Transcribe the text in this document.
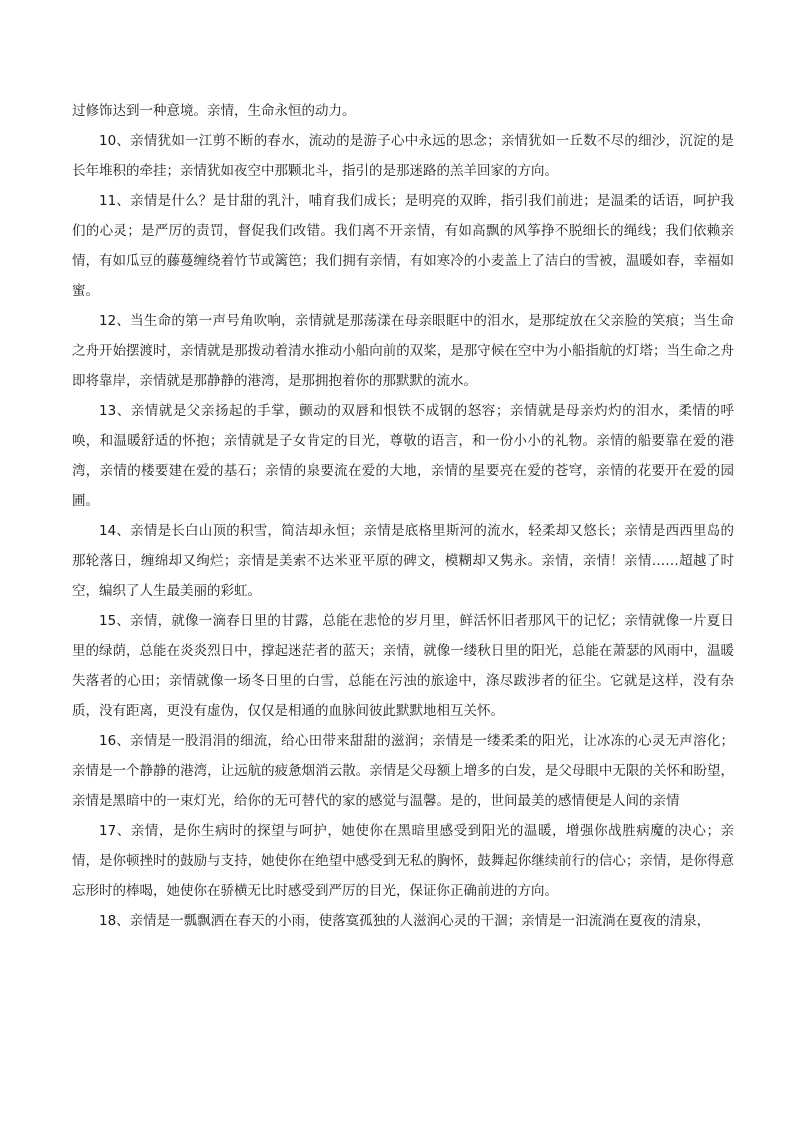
过修饰达到一种意境。亲情，生命永恒的动力。

10、亲情犹如一江剪不断的春水，流动的是游子心中永远的思念；亲情犹如一丘数不尽的细沙，沉淀的是长年堆积的牵挂；亲情犹如夜空中那颗北斗，指引的是那迷路的羔羊回家的方向。

11、亲情是什么？是甘甜的乳汁，哺育我们成长；是明亮的双眸，指引我们前进；是温柔的话语，呵护我们的心灵；是严厉的责罚，督促我们改错。我们离不开亲情，有如高飘的风筝挣不脱细长的绳线；我们依赖亲情，有如瓜豆的藤蔓缠绕着竹节或篱笆；我们拥有亲情，有如寒冷的小麦盖上了洁白的雪被，温暖如春，幸福如蜜。

12、当生命的第一声号角吹响，亲情就是那荡漾在母亲眼眶中的泪水，是那绽放在父亲脸的笑痕；当生命之舟开始摆渡时，亲情就是那拨动着清水推动小船向前的双桨，是那守候在空中为小船指航的灯塔；当生命之舟即将靠岸，亲情就是那静静的港湾，是那拥抱着你的那默默的流水。

13、亲情就是父亲扬起的手掌，颤动的双唇和恨铁不成钢的怒容；亲情就是母亲灼灼的泪水，柔情的呼唤，和温暖舒适的怀抱；亲情就是子女肯定的目光，尊敬的语言，和一份小小的礼物。亲情的船要靠在爱的港湾，亲情的楼要建在爱的基石；亲情的泉要流在爱的大地，亲情的星要亮在爱的苍穹，亲情的花要开在爱的园圃。

14、亲情是长白山顶的积雪，简洁却永恒；亲情是底格里斯河的流水，轻柔却又悠长；亲情是西西里岛的那轮落日，缠绵却又绚烂；亲情是美索不达米亚平原的碑文，模糊却又隽永。亲情，亲情！亲情……超越了时空，编织了人生最美丽的彩虹。

15、亲情，就像一滴春日里的甘露，总能在悲怆的岁月里，鲜活怀旧者那风干的记忆；亲情就像一片夏日里的绿荫，总能在炎炎烈日中，撑起迷茫者的蓝天；亲情，就像一缕秋日里的阳光，总能在萧瑟的风雨中，温暖失落者的心田；亲情就像一场冬日里的白雪，总能在污浊的旅途中，涤尽跋涉者的征尘。它就是这样，没有杂质，没有距离，更没有虚伪，仅仅是相通的血脉间彼此默默地相互关怀。

16、亲情是一股涓涓的细流，给心田带来甜甜的滋润；亲情是一缕柔柔的阳光，让冰冻的心灵无声溶化；亲情是一个静静的港湾，让远航的疲惫烟消云散。亲情是父母额上增多的白发，是父母眼中无限的关怀和盼望，亲情是黑暗中的一束灯光，给你的无可替代的家的感觉与温馨。是的，世间最美的感情便是人间的亲情

17、亲情，是你生病时的探望与呵护，她使你在黑暗里感受到阳光的温暖，增强你战胜病魔的决心；亲情，是你顿挫时的鼓励与支持，她使你在绝望中感受到无私的胸怀，鼓舞起你继续前行的信心；亲情，是你得意忘形时的棒喝，她使你在骄横无比时感受到严厉的目光，保证你正确前进的方向。

18、亲情是一瓢飘洒在春天的小雨，使落寞孤独的人滋润心灵的干涸；亲情是一汩流淌在夏夜的清泉，
